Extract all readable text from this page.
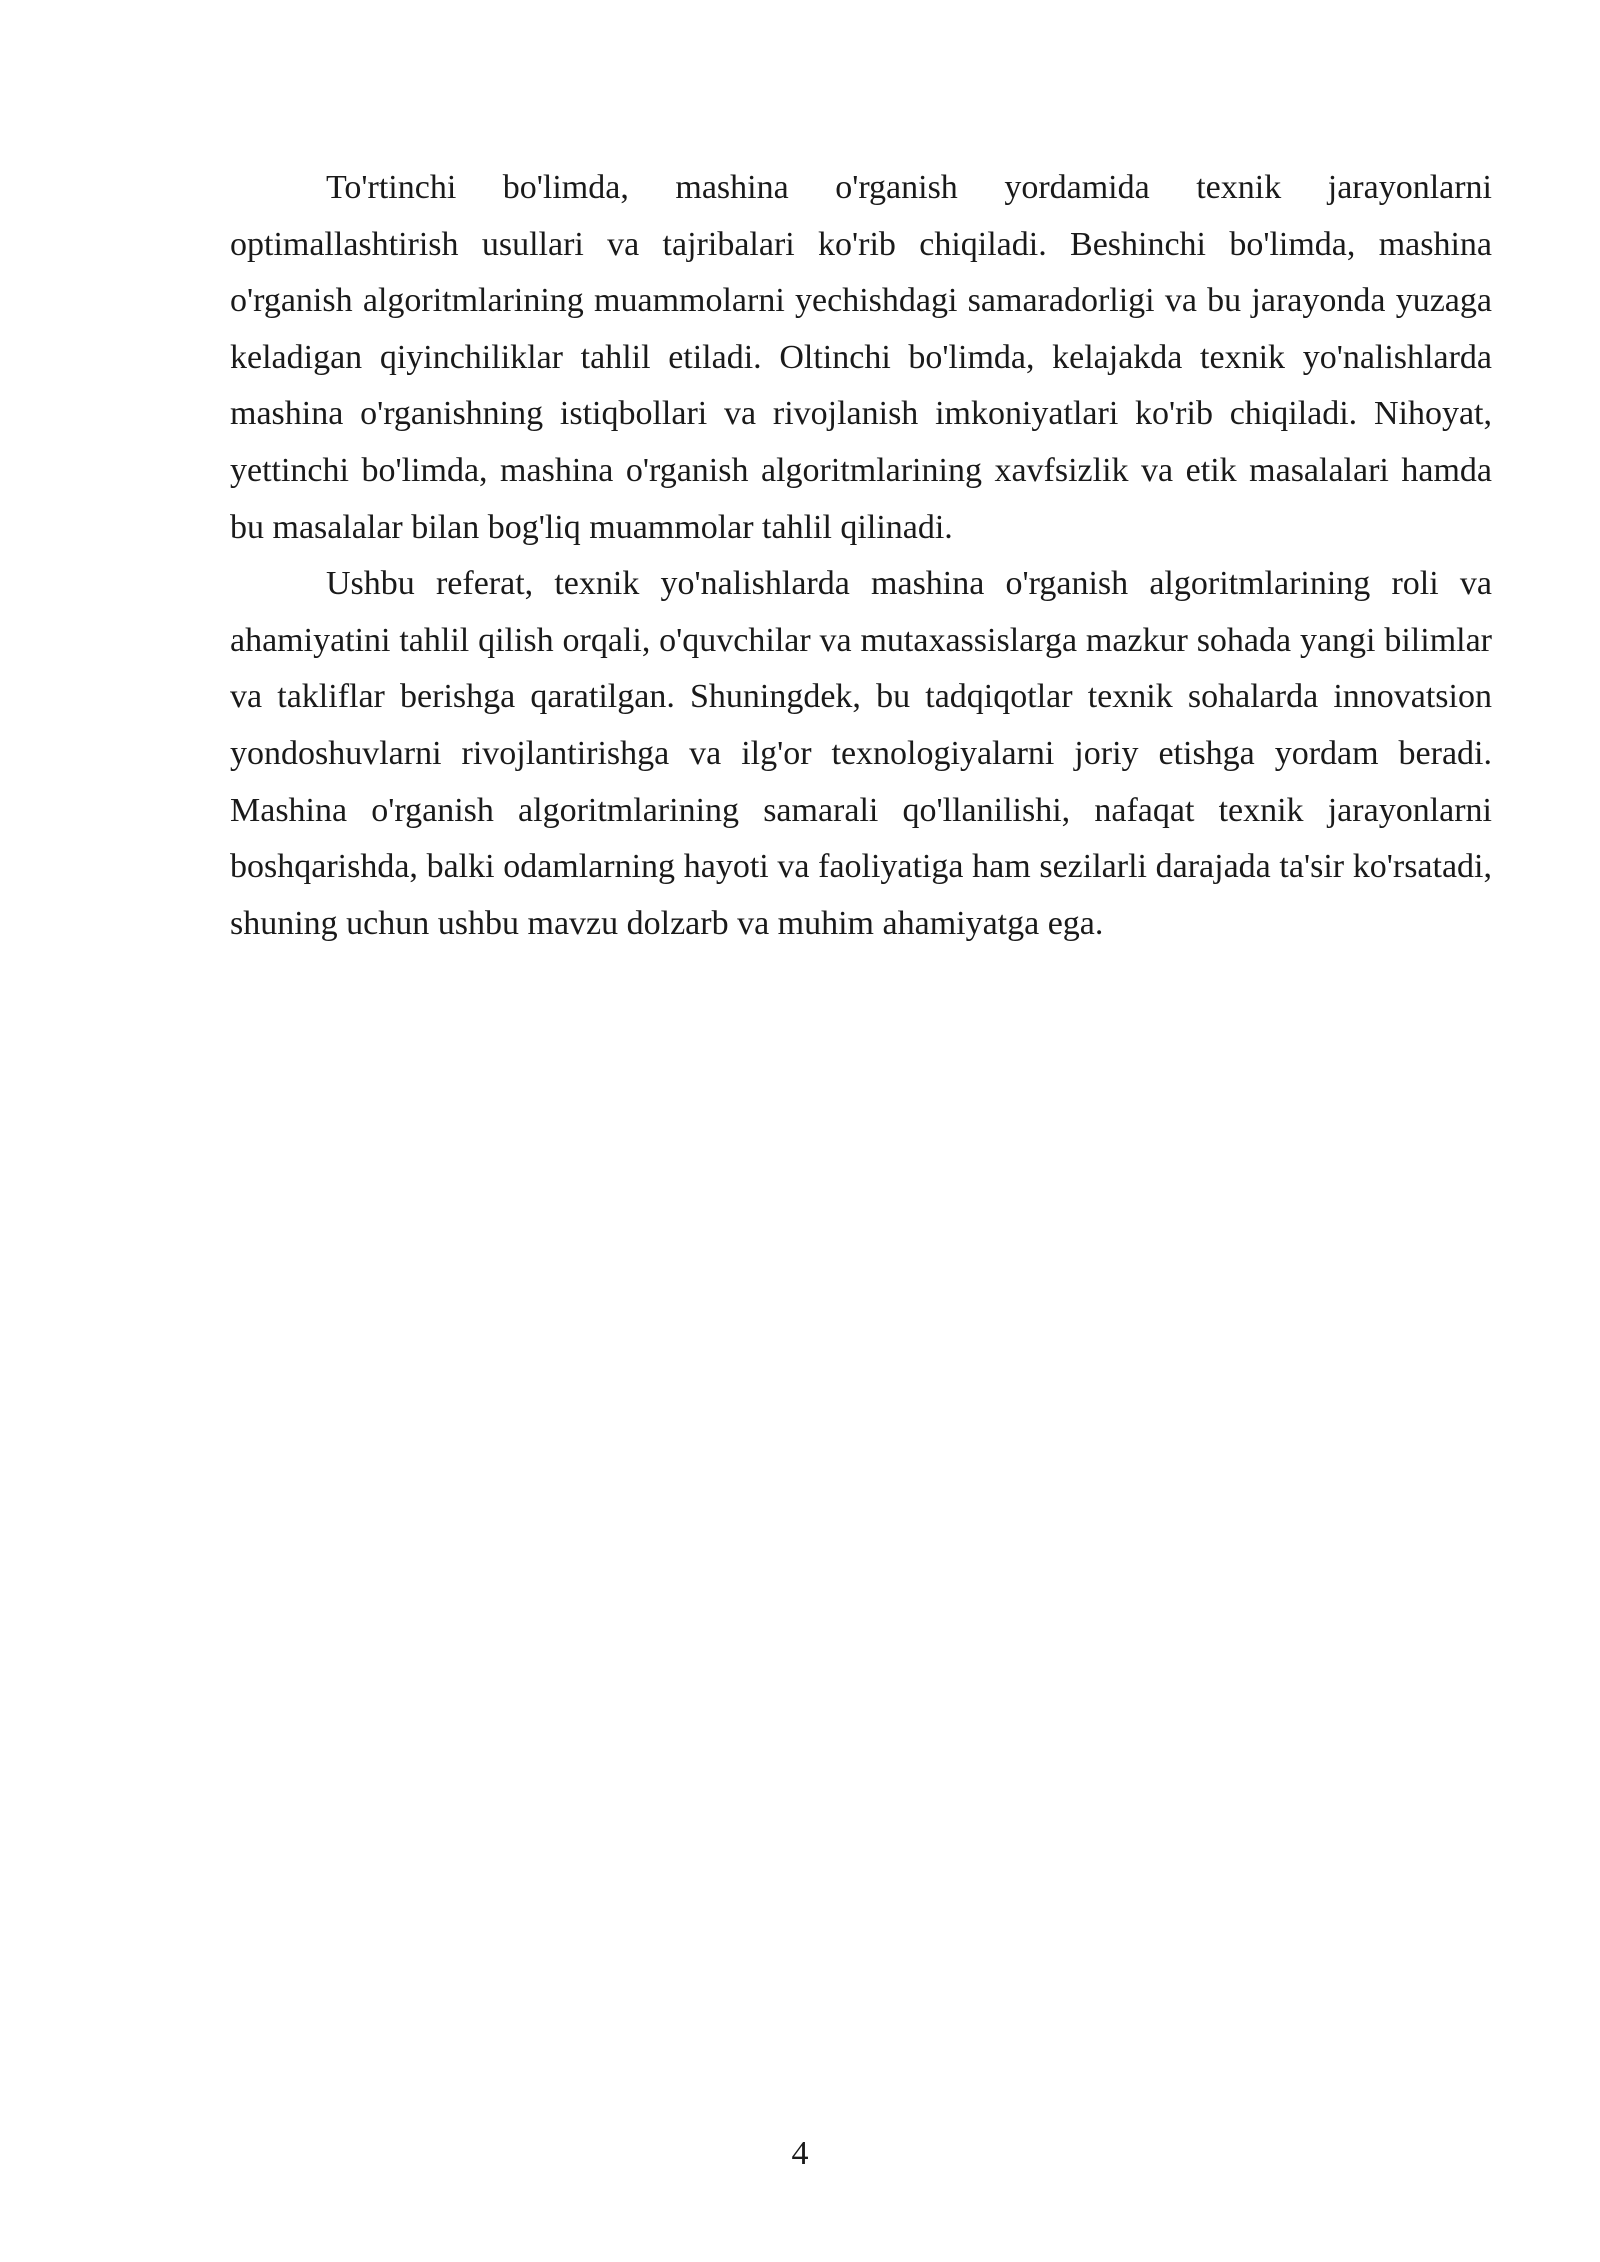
To'rtinchi bo'limda, mashina o'rganish yordamida texnik jarayonlarni optimallashtirish usullari va tajribalari ko'rib chiqiladi. Beshinchi bo'limda, mashina o'rganish algoritmlarining muammolarni yechishdagi samaradorligi va bu jarayonda yuzaga keladigan qiyinchiliklar tahlil etiladi. Oltinchi bo'limda, kelajakda texnik yo'nalishlarda mashina o'rganishning istiqbollari va rivojlanish imkoniyatlari ko'rib chiqiladi. Nihoyat, yettinchi bo'limda, mashina o'rganish algoritmlarining xavfsizlik va etik masalalari hamda bu masalalar bilan bog'liq muammolar tahlil qilinadi.

Ushbu referat, texnik yo'nalishlarda mashina o'rganish algoritmlarining roli va ahamiyatini tahlil qilish orqali, o'quvchilar va mutaxassislarga mazkur sohada yangi bilimlar va takliflar berishga qaratilgan. Shuningdek, bu tadqiqotlar texnik sohalarda innovatsion yondoshuvlarni rivojlantirishga va ilg'or texnologiyalarni joriy etishga yordam beradi. Mashina o'rganish algoritmlarining samarali qo'llanilishi, nafaqat texnik jarayonlarni boshqarishda, balki odamlarning hayoti va faoliyatiga ham sezilarli darajada ta'sir ko'rsatadi, shuning uchun ushbu mavzu dolzarb va muhim ahamiyatga ega.

4
